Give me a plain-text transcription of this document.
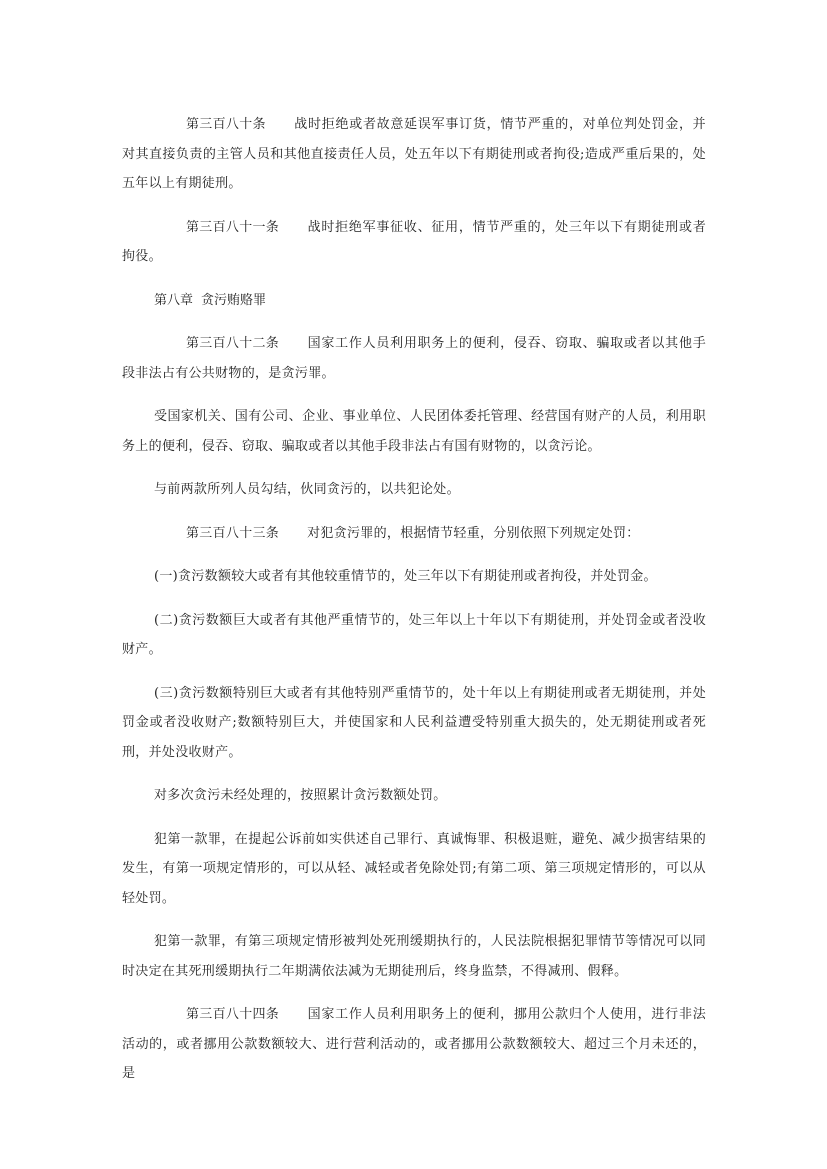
第三百八十条 战时拒绝或者故意延误军事订货，情节严重的，对单位判处罚金，并对其直接负责的主管人员和其他直接责任人员，处五年以下有期徒刑或者拘役;造成严重后果的，处五年以上有期徒刑。

第三百八十一条 战时拒绝军事征收、征用，情节严重的，处三年以下有期徒刑或者拘役。

第八章 贪污贿赂罪

第三百八十二条 国家工作人员利用职务上的便利，侵吞、窃取、骗取或者以其他手段非法占有公共财物的，是贪污罪。

受国家机关、国有公司、企业、事业单位、人民团体委托管理、经营国有财产的人员，利用职务上的便利，侵吞、窃取、骗取或者以其他手段非法占有国有财物的，以贪污论。

与前两款所列人员勾结，伙同贪污的，以共犯论处。

第三百八十三条 对犯贪污罪的，根据情节轻重，分别依照下列规定处罚：

(一)贪污数额较大或者有其他较重情节的，处三年以下有期徒刑或者拘役，并处罚金。

(二)贪污数额巨大或者有其他严重情节的，处三年以上十年以下有期徒刑，并处罚金或者没收财产。

(三)贪污数额特别巨大或者有其他特别严重情节的，处十年以上有期徒刑或者无期徒刑，并处罚金或者没收财产;数额特别巨大，并使国家和人民利益遭受特别重大损失的，处无期徒刑或者死刑，并处没收财产。

对多次贪污未经处理的，按照累计贪污数额处罚。

犯第一款罪，在提起公诉前如实供述自己罪行、真诚悔罪、积极退赃，避免、减少损害结果的发生，有第一项规定情形的，可以从轻、减轻或者免除处罚;有第二项、第三项规定情形的，可以从轻处罚。

犯第一款罪，有第三项规定情形被判处死刑缓期执行的，人民法院根据犯罪情节等情况可以同时决定在其死刑缓期执行二年期满依法减为无期徒刑后，终身监禁，不得减刑、假释。

第三百八十四条 国家工作人员利用职务上的便利，挪用公款归个人使用，进行非法活动的，或者挪用公款数额较大、进行营利活动的，或者挪用公款数额较大、超过三个月未还的，是
